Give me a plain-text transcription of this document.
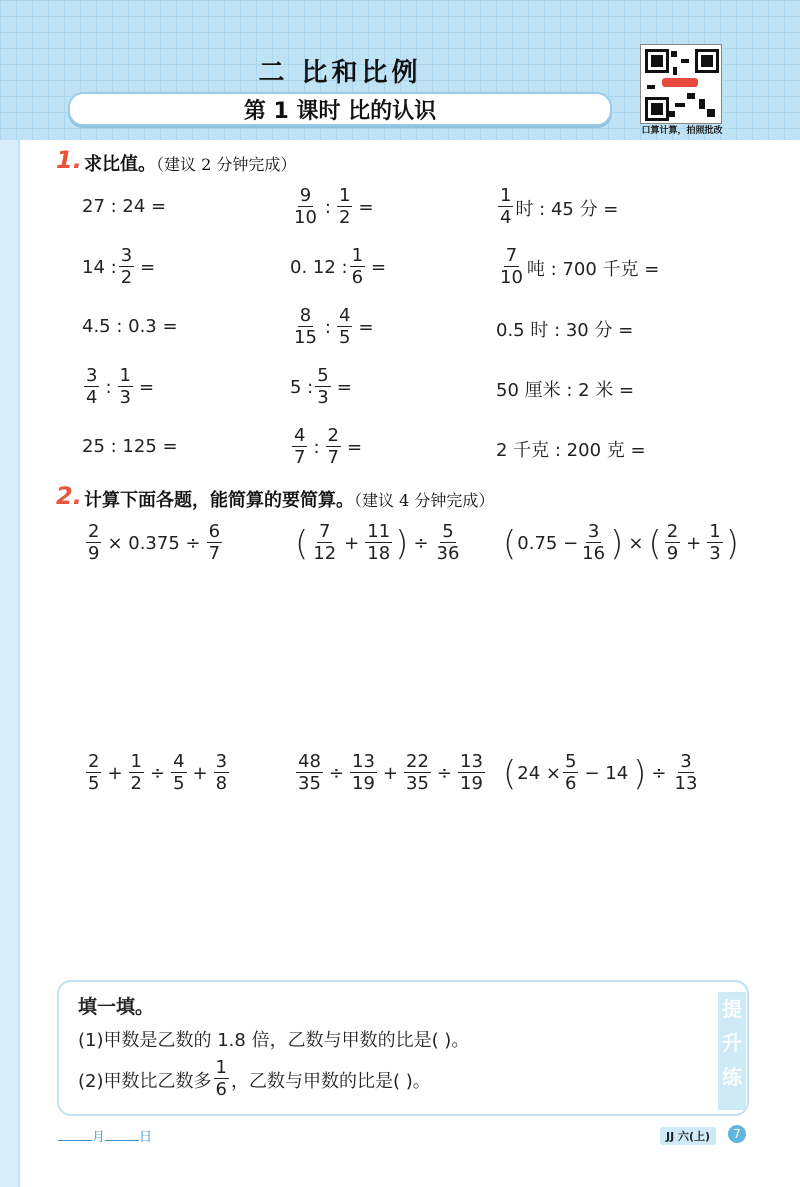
二 比和比例
第 1 课时 比的认识
口算计算，拍照批改
1. 求比值。（建议 2 分钟完成）
27 : 24 =	$\frac{9}{10}$ : $\frac{1}{2}$ =	$\frac{1}{4}$ 时 : 45 分 =
14 : $\frac{3}{2}$ =	0. 12 : $\frac{1}{6}$ =	$\frac{7}{10}$ 吨 : 700 千克 =
4.5 : 0.3 =	$\frac{8}{15}$ : $\frac{4}{5}$ =	0.5 时 : 30 分 =
$\frac{3}{4}$ : $\frac{1}{3}$ =	5 : $\frac{5}{3}$ =	50 厘米 : 2 米 =
25 : 125 =	$\frac{4}{7}$ : $\frac{2}{7}$ =	2 千克 : 200 克 =
2. 计算下面各题，能简算的要简算。（建议 4 分钟完成）
$\frac{2}{9} \times 0.375 \div \frac{6}{7}$ ( $\frac{7}{12} + \frac{11}{18}$ ) ÷ $\frac{5}{36}$ ( $0.75 - \frac{3}{16}$ ) × ( $\frac{2}{9} + \frac{1}{3}$ )
$\frac{2}{5} + \frac{1}{2} \div \frac{4}{5} + \frac{3}{8}$	$\frac{48}{35} \div \frac{13}{19} + \frac{22}{35} \div \frac{13}{19}$ ( $24 \times \frac{5}{6} - 14$ ) ÷ $\frac{3}{13}$
填一填。
(1)甲数是乙数的 1.8 倍，乙数与甲数的比是( )。
(2)甲数比乙数多 $\frac{1}{6}$ ，乙数与甲数的比是( )。
提
升
练
月	日	JJ 六(上)	7
